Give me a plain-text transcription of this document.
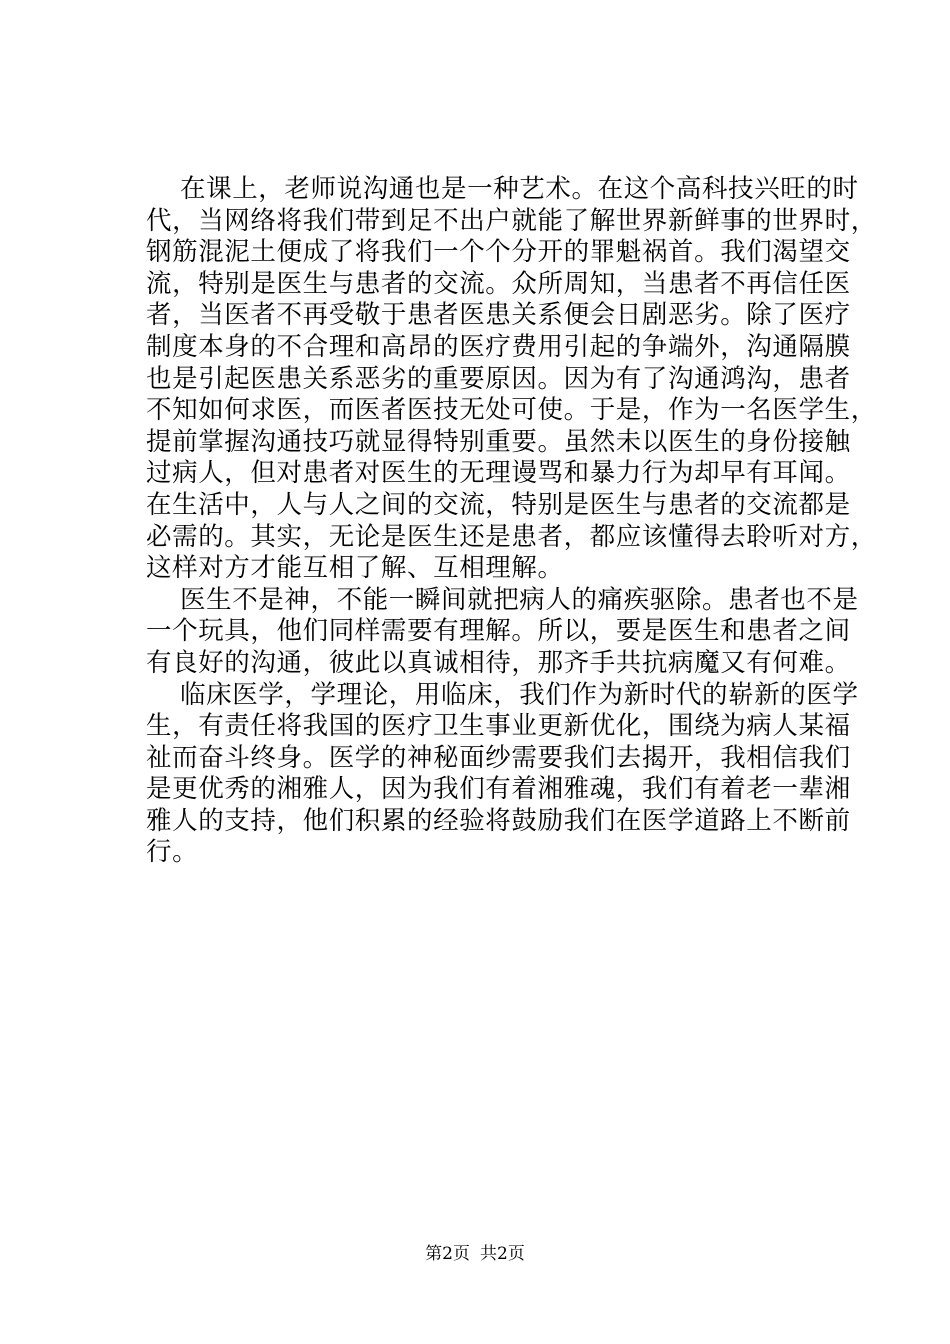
在课上，老师说沟通也是一种艺术。在这个高科技兴旺的时
代，当网络将我们带到足不出户就能了解世界新鲜事的世界时，
钢筋混泥土便成了将我们一个个分开的罪魁祸首。我们渴望交
流，特别是医生与患者的交流。众所周知，当患者不再信任医
者，当医者不再受敬于患者医患关系便会日剧恶劣。除了医疗
制度本身的不合理和高昂的医疗费用引起的争端外，沟通隔膜
也是引起医患关系恶劣的重要原因。因为有了沟通鸿沟，患者
不知如何求医，而医者医技无处可使。于是，作为一名医学生，
提前掌握沟通技巧就显得特别重要。虽然未以医生的身份接触
过病人，但对患者对医生的无理谩骂和暴力行为却早有耳闻。
在生活中，人与人之间的交流，特别是医生与患者的交流都是
必需的。其实，无论是医生还是患者，都应该懂得去聆听对方，
这样对方才能互相了解、互相理解。
医生不是神，不能一瞬间就把病人的痛疾驱除。患者也不是
一个玩具，他们同样需要有理解。所以，要是医生和患者之间
有良好的沟通，彼此以真诚相待，那齐手共抗病魔又有何难。
临床医学，学理论，用临床，我们作为新时代的崭新的医学
生，有责任将我国的医疗卫生事业更新优化，围绕为病人某福
祉而奋斗终身。医学的神秘面纱需要我们去揭开，我相信我们
是更优秀的湘雅人，因为我们有着湘雅魂，我们有着老一辈湘
雅人的支持，他们积累的经验将鼓励我们在医学道路上不断前
行。
第2页 共2页
